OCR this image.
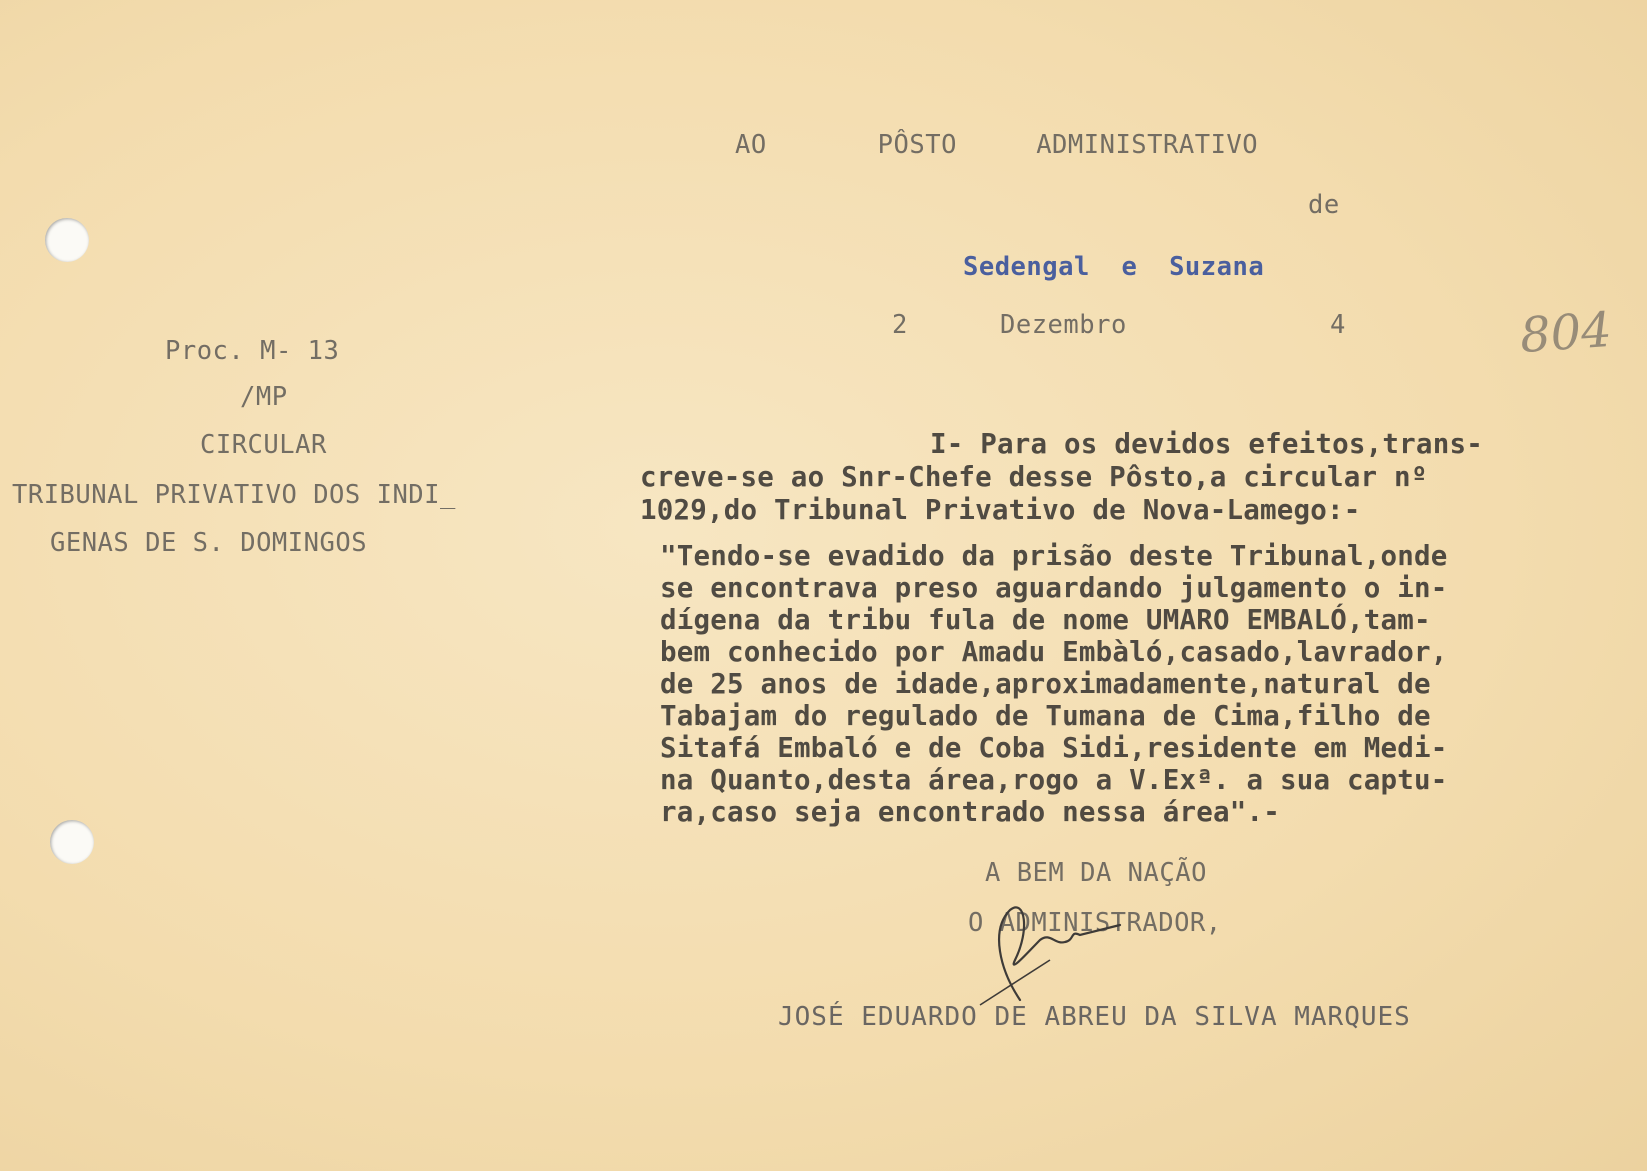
AO       PÔSTO     ADMINISTRATIVO
de
Sedengal  e  Suzana
2	Dezembro	4	804
Proc. M- 13
/MP
CIRCULAR
TRIBUNAL PRIVATIVO DOS INDI_
GENAS DE S. DOMINGOS
I- Para os devidos efeitos,trans-
creve-se ao Snr-Chefe desse Pôsto,a circular nº
1029,do Tribunal Privativo de Nova-Lamego:-
"Tendo-se evadido da prisão deste Tribunal,onde
se encontrava preso aguardando julgamento o in-
dígena da tribu fula de nome UMARO EMBALÓ,tam-
bem conhecido por Amadu Embàló,casado,lavrador,
de 25 anos de idade,aproximadamente,natural de
Tabajam do regulado de Tumana de Cima,filho de
Sitafá Embaló e de Coba Sidi,residente em Medi-
na Quanto,desta área,rogo a V.Exª. a sua captu-
ra,caso seja encontrado nessa área".-
A BEM DA NAÇÃO
O ADMINISTRADOR,
JOSÉ EDUARDO DE ABREU DA SILVA MARQUES
